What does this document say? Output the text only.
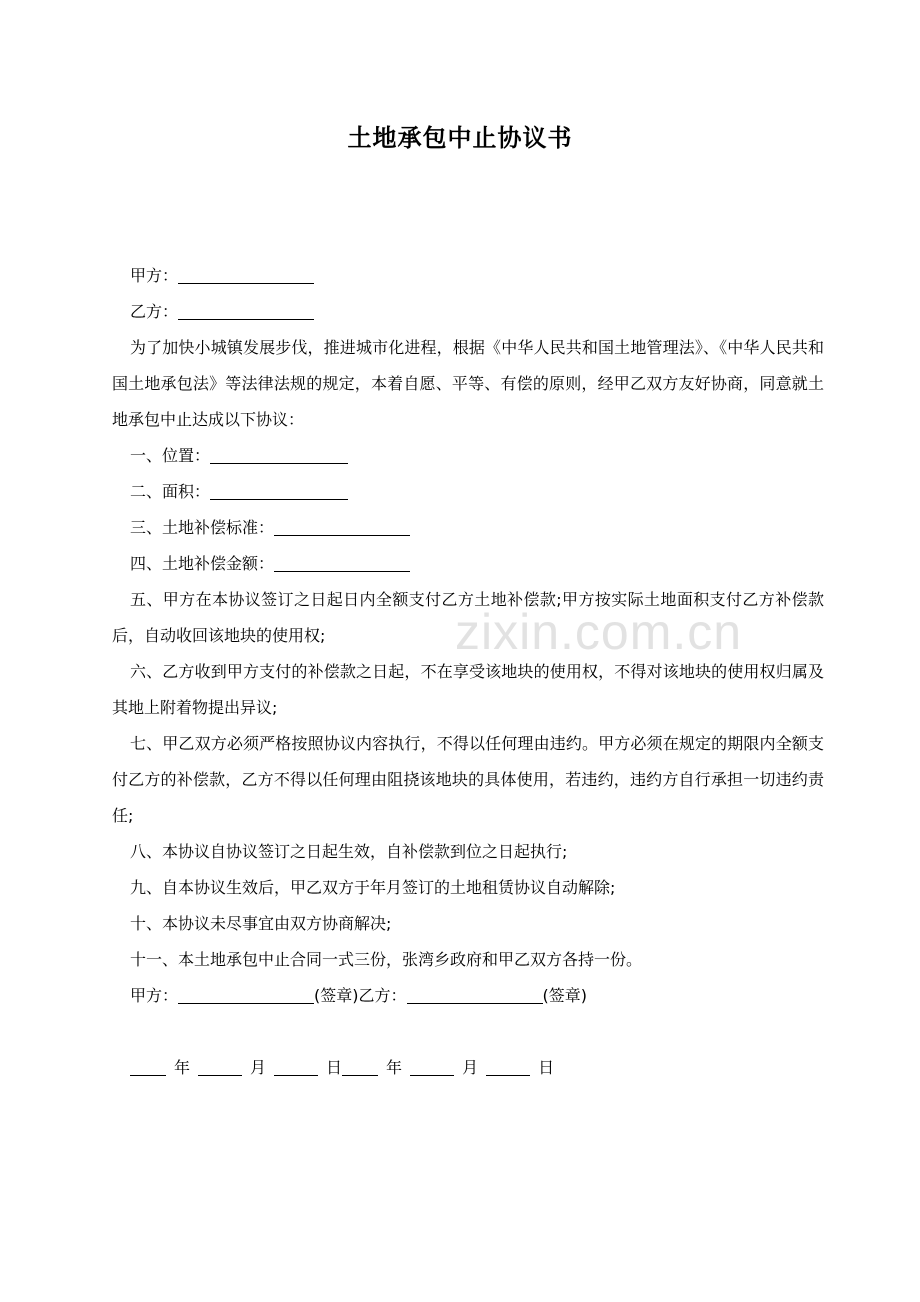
土地承包中止协议书
甲方：
乙方：
为了加快小城镇发展步伐，推进城市化进程，根据《中华人民共和国土地管理法》、《中华人民共和国土地承包法》等法律法规的规定，本着自愿、平等、有偿的原则，经甲乙双方友好协商，同意就土地承包中止达成以下协议：
一、位置：
二、面积：
三、土地补偿标准：
四、土地补偿金额：
五、甲方在本协议签订之日起日内全额支付乙方土地补偿款;甲方按实际土地面积支付乙方补偿款后，自动收回该地块的使用权;
六、乙方收到甲方支付的补偿款之日起，不在享受该地块的使用权，不得对该地块的使用权归属及其地上附着物提出异议;
七、甲乙双方必须严格按照协议内容执行，不得以任何理由违约。甲方必须在规定的期限内全额支付乙方的补偿款，乙方不得以任何理由阻挠该地块的具体使用，若违约，违约方自行承担一切违约责任;
八、本协议自协议签订之日起生效，自补偿款到位之日起执行;
九、自本协议生效后，甲乙双方于年月签订的土地租赁协议自动解除;
十、本协议未尽事宜由双方协商解决;
十一、本土地承包中止合同一式三份，张湾乡政府和甲乙双方各持一份。
甲方：	(签章)乙方：	(签章)
年	月	日	年	月	日
zixin.com.cn
